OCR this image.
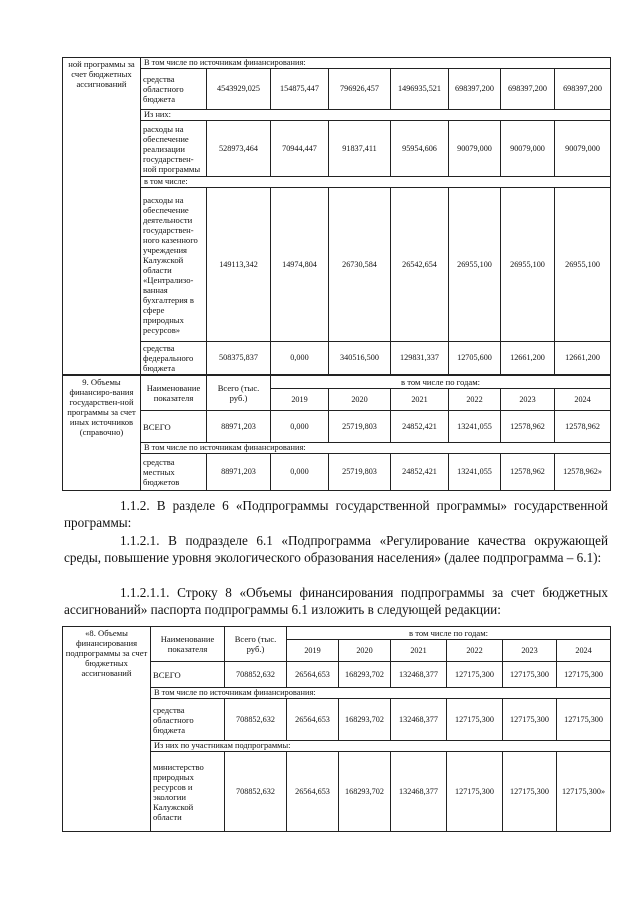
ной программы за счет бюджетных ассигнований	В том числе по источникам финансирования:							
	средства областного бюджета	4543929,025	154875,447	796926,457	1496935,521	698397,200	698397,200	698397,200
	Из них:							
	расходы на обеспечение реализации государствен-ной программы	528973,464	70944,447	91837,411	95954,606	90079,000	90079,000	90079,000
	в том числе:							
	расходы на обеспечение деятельности государствен-ного казенного учреждения Калужской области «Централизо-ванная бухгалтерия в сфере природных ресурсов»	149113,342	14974,804	26730,584	26542,654	26955,100	26955,100	26955,100
	средства федерального бюджета	508375,837	0,000	340516,500	129831,337	12705,600	12661,200	12661,200
9. Объемы финансиро-вания государствен-ной программы за счет иных источников (справочно)	Наименование показателя	Всего (тыс. руб.)	в том числе по годам:					
			2019	2020	2021	2022	2023	2024
	ВСЕГО	88971,203	0,000	25719,803	24852,421	13241,055	12578,962	12578,962
	В том числе по источникам финансирования:							
	средства местных бюджетов	88971,203	0,000	25719,803	24852,421	13241,055	12578,962	12578,962»
1.1.2. В разделе 6 «Подпрограммы государственной программы» государственной программы:
1.1.2.1. В подразделе 6.1 «Подпрограмма «Регулирование качества окружающей среды, повышение уровня экологического образования населения» (далее подпрограмма – 6.1):
1.1.2.1.1. Строку 8 «Объемы финансирования подпрограммы за счет бюджетных ассигнований» паспорта подпрограммы 6.1 изложить в следующей редакции:
«8. Объемы финансирования подпрограммы за счет бюджетных ассигнований	Наименование показателя	Всего (тыс. руб.)	в том числе по годам:					
			2019	2020	2021	2022	2023	2024
	ВСЕГО	708852,632	26564,653	168293,702	132468,377	127175,300	127175,300	127175,300
	В том числе по источникам финансирования:							
	средства областного бюджета	708852,632	26564,653	168293,702	132468,377	127175,300	127175,300	127175,300
	Из них по участникам подпрограммы:							
	министерство природных ресурсов и экологии Калужской области	708852,632	26564,653	168293,702	132468,377	127175,300	127175,300	127175,300»
